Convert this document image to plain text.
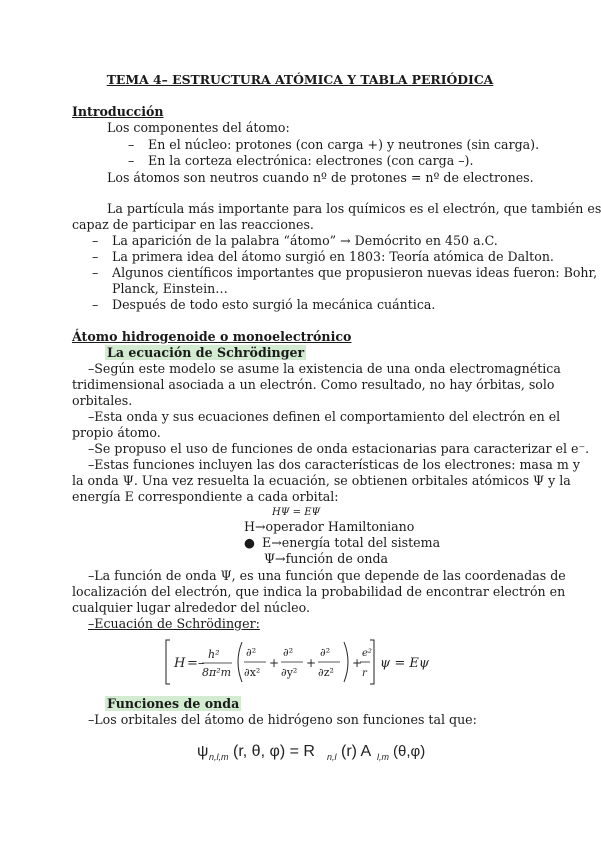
TEMA 4– ESTRUCTURA ATÓMICA Y TABLA PERIÓDICA
Introducción
Los componentes del átomo:
– En el núcleo: protones (con carga +) y neutrones (sin carga).
– En la corteza electrónica: electrones (con carga –).
Los átomos son neutros cuando nº de protones = nº de electrones.
La partícula más importante para los químicos es el electrón, que también es
capaz de participar en las reacciones.
– La aparición de la palabra “átomo” → Demócrito en 450 a.C.
– La primera idea del átomo surgió en 1803: Teoría atómica de Dalton.
– Algunos científicos importantes que propusieron nuevas ideas fueron: Bohr,
Planck, Einstein…
– Después de todo esto surgió la mecánica cuántica.
Átomo hidrogenoide o monoelectrónico
La ecuación de Schrödinger
–Según este modelo se asume la existencia de una onda electromagnética
tridimensional asociada a un electrón. Como resultado, no hay órbitas, solo
orbitales.
–Esta onda y sus ecuaciones definen el comportamiento del electrón en el
propio átomo.
–Se propuso el uso de funciones de onda estacionarias para caracterizar el e⁻.
–Estas funciones incluyen las dos características de los electrones: masa m y
la onda Ψ. Una vez resuelta la ecuación, se obtienen orbitales atómicos Ψ y la
energía E correspondiente a cada orbital:
HΨ = EΨ
H→operador Hamiltoniano
● E→energía total del sistema
Ψ→función de onda
–La función de onda Ψ, es una función que depende de las coordenadas de
localización del electrón, que indica la probabilidad de encontrar electrón en
cualquier lugar alrededor del núcleo.
–Ecuación de Schrödinger:
H =–
h²
8π²m
∂²
∂x²
+
∂²
∂y²
+
∂²
∂z²
+
e²
r
ψ = Eψ
Funciones de onda
–Los orbitales del átomo de hidrógeno son funciones tal que:
ψ n,l,m (r, θ, φ) = R n,l (r) A l,m (θ,φ)
